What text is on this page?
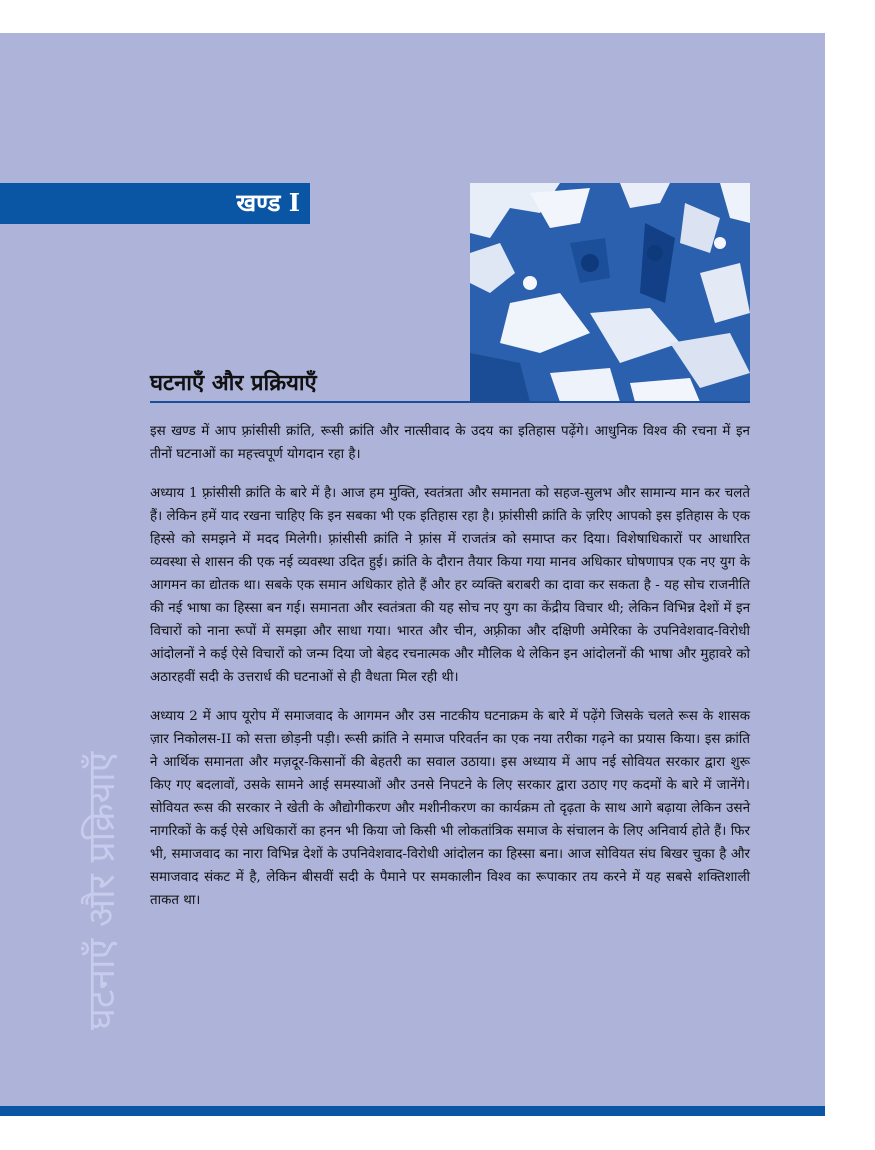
खण्ड I
घटनाएँ और प्रक्रियाएँ
घटनाएँ और प्रक्रियाएँ

इस खण्ड में आप फ़्रांसीसी क्रांति, रूसी क्रांति और नात्सीवाद के उदय का इतिहास पढ़ेंगे। आधुनिक विश्व की रचना में इन तीनों घटनाओं का महत्त्वपूर्ण योगदान रहा है।

अध्याय 1 फ़्रांसीसी क्रांति के बारे में है। आज हम मुक्ति, स्वतंत्रता और समानता को सहज-सुलभ और सामान्य मान कर चलते हैं। लेकिन हमें याद रखना चाहिए कि इन सबका भी एक इतिहास रहा है। फ़्रांसीसी क्रांति के ज़रिए आपको इस इतिहास के एक हिस्से को समझने में मदद मिलेगी। फ़्रांसीसी क्रांति ने फ़्रांस में राजतंत्र को समाप्त कर दिया। विशेषाधिकारों पर आधारित व्यवस्था से शासन की एक नई व्यवस्था उदित हुई। क्रांति के दौरान तैयार किया गया मानव अधिकार घोषणापत्र एक नए युग के आगमन का द्योतक था। सबके एक समान अधिकार होते हैं और हर व्यक्ति बराबरी का दावा कर सकता है - यह सोच राजनीति की नई भाषा का हिस्सा बन गई। समानता और स्वतंत्रता की यह सोच नए युग का केंद्रीय विचार थी; लेकिन विभिन्न देशों में इन विचारों को नाना रूपों में समझा और साधा गया। भारत और चीन, अफ़्रीका और दक्षिणी अमेरिका के उपनिवेशवाद-विरोधी आंदोलनों ने कई ऐसे विचारों को जन्म दिया जो बेहद रचनात्मक और मौलिक थे लेकिन इन आंदोलनों की भाषा और मुहावरे को अठारहवीं सदी के उत्तरार्ध की घटनाओं से ही वैधता मिल रही थी।

अध्याय 2 में आप यूरोप में समाजवाद के आगमन और उस नाटकीय घटनाक्रम के बारे में पढ़ेंगे जिसके चलते रूस के शासक ज़ार निकोलस-II को सत्ता छोड़नी पड़ी। रूसी क्रांति ने समाज परिवर्तन का एक नया तरीका गढ़ने का प्रयास किया। इस क्रांति ने आर्थिक समानता और मज़दूर-किसानों की बेहतरी का सवाल उठाया। इस अध्याय में आप नई सोवियत सरकार द्वारा शुरू किए गए बदलावों, उसके सामने आई समस्याओं और उनसे निपटने के लिए सरकार द्वारा उठाए गए कदमों के बारे में जानेंगे। सोवियत रूस की सरकार ने खेती के औद्योगीकरण और मशीनीकरण का कार्यक्रम तो दृढ़ता के साथ आगे बढ़ाया लेकिन उसने नागरिकों के कई ऐसे अधिकारों का हनन भी किया जो किसी भी लोकतांत्रिक समाज के संचालन के लिए अनिवार्य होते हैं। फिर भी, समाजवाद का नारा विभिन्न देशों के उपनिवेशवाद-विरोधी आंदोलन का हिस्सा बना। आज सोवियत संघ बिखर चुका है और समाजवाद संकट में है, लेकिन बीसवीं सदी के पैमाने पर समकालीन विश्व का रूपाकार तय करने में यह सबसे शक्तिशाली ताकत था।
